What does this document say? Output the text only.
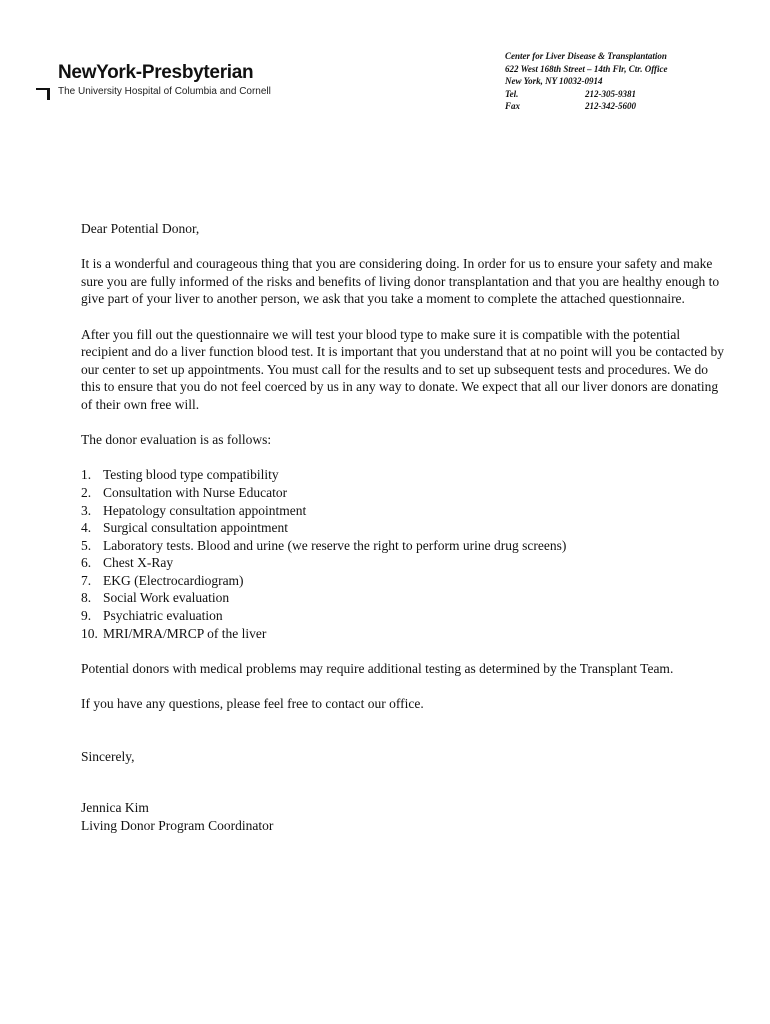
NewYork-Presbyterian
The University Hospital of Columbia and Cornell
Center for Liver Disease & Transplantation
622 West 168th Street – 14th Flr, Ctr. Office
New York, NY 10032-0914
Tel.	212-305-9381
Fax	212-342-5600
Dear Potential Donor,

It is a wonderful and courageous thing that you are considering doing. In order for us to ensure your safety and make sure you are fully informed of the risks and benefits of living donor transplantation and that you are healthy enough to give part of your liver to another person, we ask that you take a moment to complete the attached questionnaire.

After you fill out the questionnaire we will test your blood type to make sure it is compatible with the potential recipient and do a liver function blood test. It is important that you understand that at no point will you be contacted by our center to set up appointments. You must call for the results and to set up subsequent tests and procedures. We do this to ensure that you do not feel coerced by us in any way to donate. We expect that all our liver donors are donating of their own free will.

The donor evaluation is as follows:

1. Testing blood type compatibility
2. Consultation with Nurse Educator
3. Hepatology consultation appointment
4. Surgical consultation appointment
5. Laboratory tests. Blood and urine (we reserve the right to perform urine drug screens)
6. Chest X-Ray
7. EKG (Electrocardiogram)
8. Social Work evaluation
9. Psychiatric evaluation
10. MRI/MRA/MRCP of the liver

Potential donors with medical problems may require additional testing as determined by the Transplant Team.

If you have any questions, please feel free to contact our office.

Sincerely,
Jennica Kim
Living Donor Program Coordinator
